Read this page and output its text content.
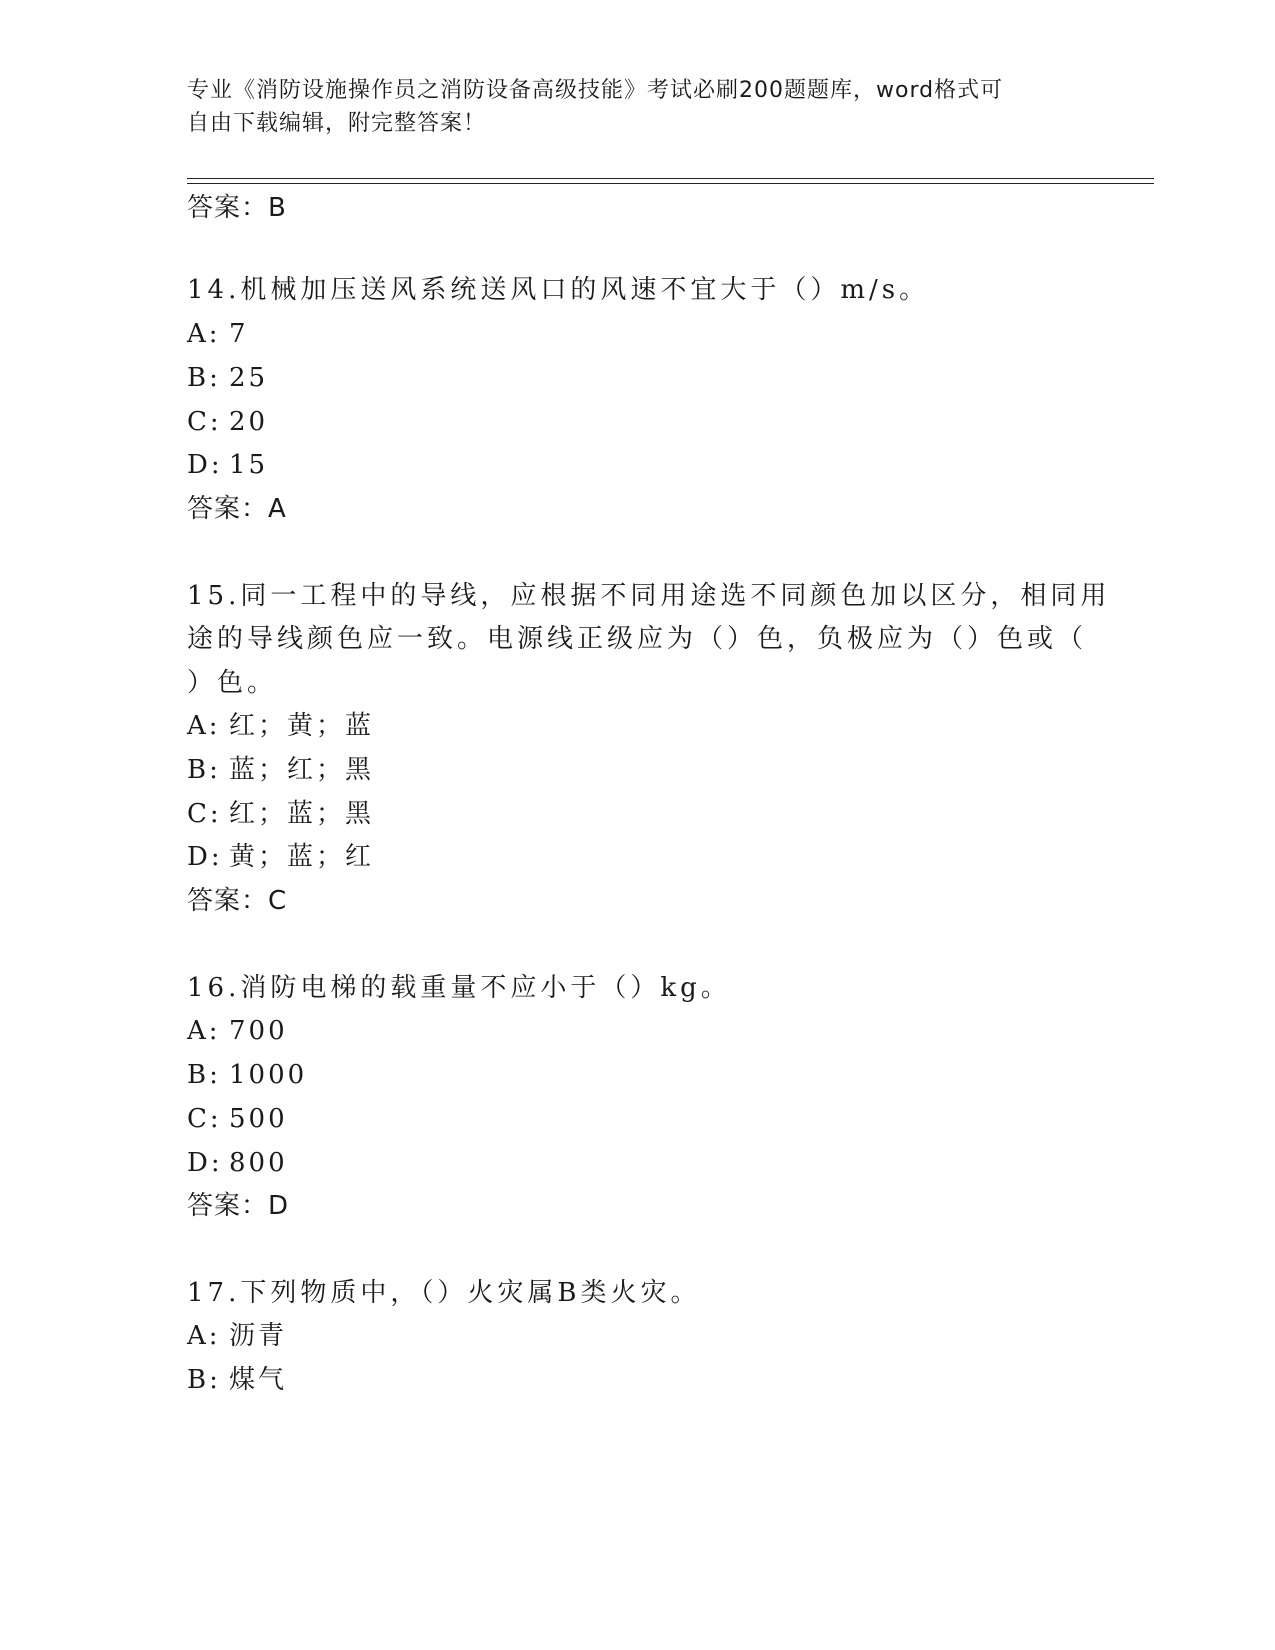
专业《消防设施操作员之消防设备高级技能》考试必刷200题题库，word格式可
自由下载编辑，附完整答案！
答案：B
14.机械加压送风系统送风口的风速不宜大于（）m/s。
A: 7
B: 25
C: 20
D: 15
答案：A
15.同一工程中的导线，应根据不同用途选不同颜色加以区分，相同用
途的导线颜色应一致。电源线正级应为（）色，负极应为（）色或（
）色。
A: 红；黄；蓝
B: 蓝；红；黑
C: 红；蓝；黑
D: 黄；蓝；红
答案：C
16.消防电梯的载重量不应小于（）kg。
A: 700
B: 1000
C: 500
D: 800
答案：D
17.下列物质中，（）火灾属B类火灾。
A: 沥青
B: 煤气
